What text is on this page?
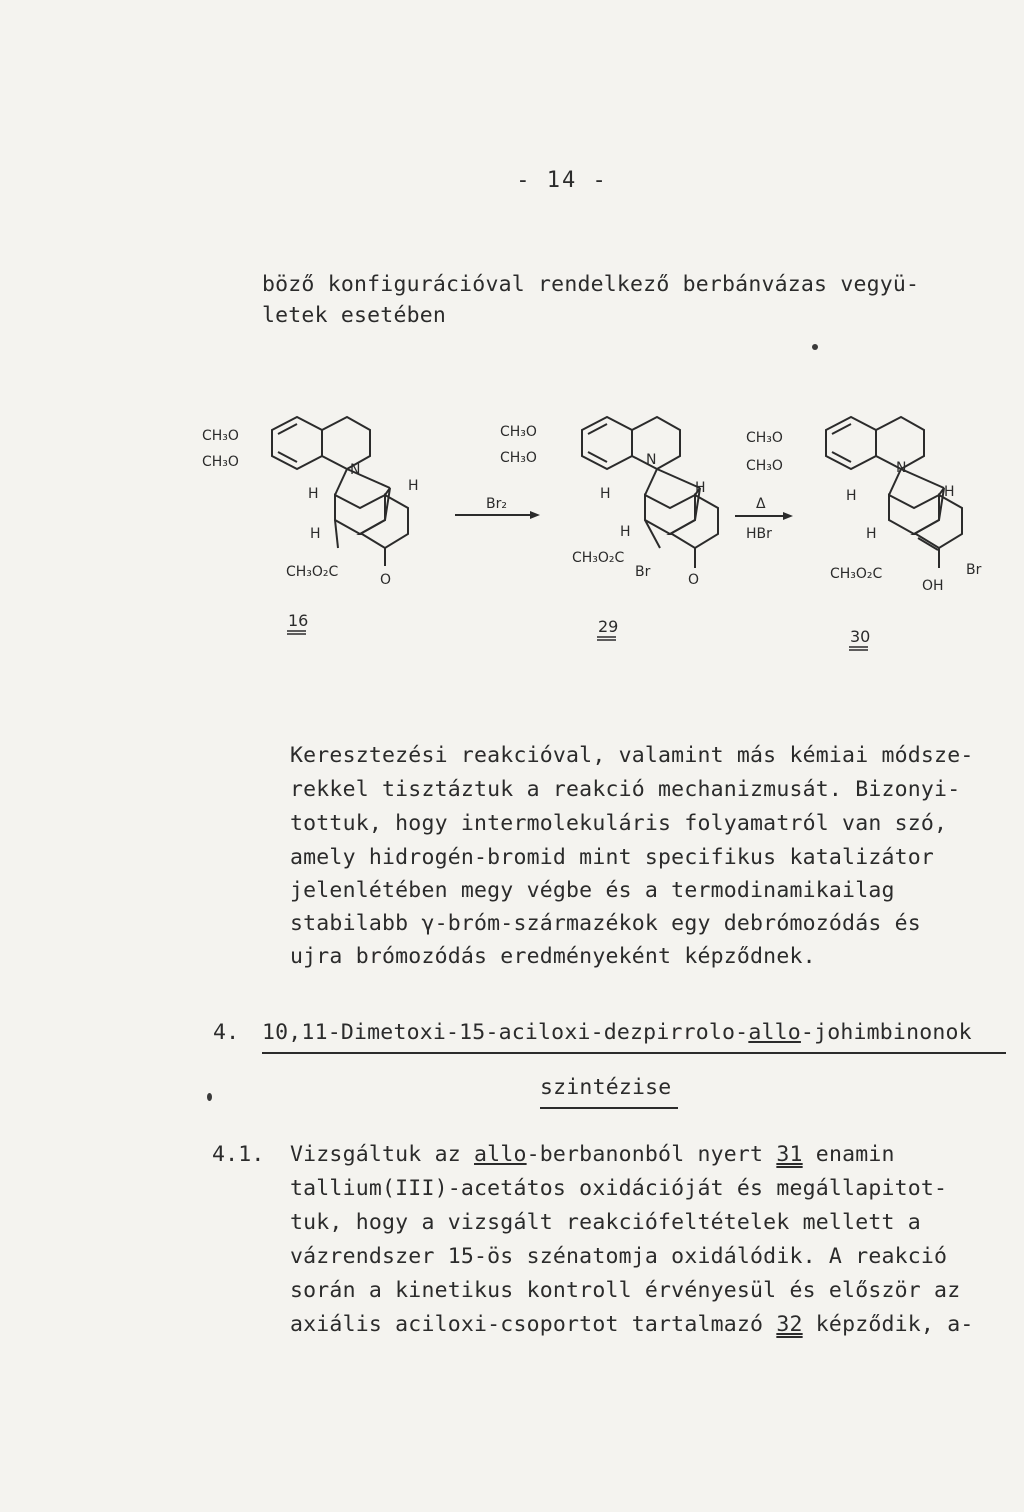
- 14 -
böző konfigurációval rendelkező berbánvázas vegyü-
letek esetében
CH₃O
CH₃O	N
H	H
H
CH₃O₂C	O
Br₂
CH₃O
CH₃O	N
H	H
H
CH₃O₂C
Br	O
Δ
HBr
CH₃O
CH₃O	N
H	H
H
CH₃O₂C
OH
Br
16	29
30
Keresztezési reakcióval, valamint más kémiai módsze-
rekkel tisztáztuk a reakció mechanizmusát. Bizonyi-
tottuk, hogy intermolekuláris folyamatról van szó,
amely hidrogén-bromid mint specifikus katalizátor
jelenlétében megy végbe és a termodinamikailag
stabilabb γ-bróm-származékok egy debrómozódás és
ujra brómozódás eredményeként képződnek.
4. 10,11-Dimetoxi-15-aciloxi-dezpirrolo-allo-johimbinonok
szintézise
4.1. Vizsgáltuk az allo-berbanonból nyert 31 enamin
tallium(III)-acetátos oxidációját és megállapitot-
tuk, hogy a vizsgált reakciófeltételek mellett a
vázrendszer 15-ös szénatomja oxidálódik. A reakció
során a kinetikus kontroll érvényesül és először az
axiális aciloxi-csoportot tartalmazó 32 képződik, a-
